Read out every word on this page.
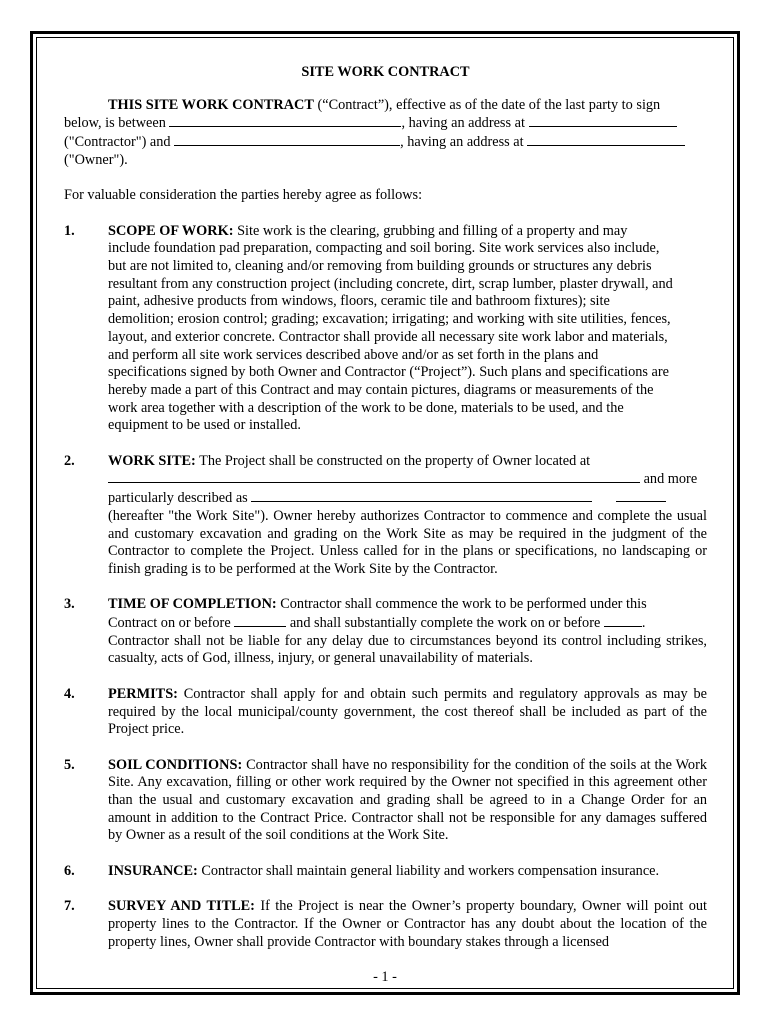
SITE WORK CONTRACT
THIS SITE WORK CONTRACT (“Contract”), effective as of the date of the last party to sign
below, is between	, having an address at
("Contractor") and	, having an address at
("Owner").
For valuable consideration the parties hereby agree as follows:
1. SCOPE OF WORK: Site work is the clearing, grubbing and filling of a property and may
include foundation pad preparation, compacting and soil boring. Site work services also include,
but are not limited to, cleaning and/or removing from building grounds or structures any debris
resultant from any construction project (including concrete, dirt, scrap lumber, plaster drywall, and
paint, adhesive products from windows, floors, ceramic tile and bathroom fixtures); site
demolition; erosion control; grading; excavation; irrigating; and working with site utilities, fences,
layout, and exterior concrete. Contractor shall provide all necessary site work labor and materials,
and perform all site work services described above and/or as set forth in the plans and
specifications signed by both Owner and Contractor (“Project”). Such plans and specifications are
hereby made a part of this Contract and may contain pictures, diagrams or measurements of the
work area together with a description of the work to be done, materials to be used, and the
equipment to be used or installed.
2. WORK SITE: The Project shall be constructed on the property of Owner located at
and more
particularly described as
(hereafter "the Work Site"). Owner hereby authorizes Contractor to commence and complete the usual and customary excavation and grading on the Work Site as may be required in the judgment of the Contractor to complete the Project. Unless called for in the plans or specifications, no landscaping or finish grading is to be performed at the Work Site by the Contractor.
3. TIME OF COMPLETION: Contractor shall commence the work to be performed under this
Contract on or before	and shall substantially complete the work on or before	.
Contractor shall not be liable for any delay due to circumstances beyond its control including strikes, casualty, acts of God, illness, injury, or general unavailability of materials.
4. PERMITS: Contractor shall apply for and obtain such permits and regulatory approvals as may be required by the local municipal/county government, the cost thereof shall be included as part of the Project price.
5. SOIL CONDITIONS: Contractor shall have no responsibility for the condition of the soils at the Work Site. Any excavation, filling or other work required by the Owner not specified in this agreement other than the usual and customary excavation and grading shall be agreed to in a Change Order for an amount in addition to the Contract Price. Contractor shall not be responsible for any damages suffered by Owner as a result of the soil conditions at the Work Site.
6. INSURANCE: Contractor shall maintain general liability and workers compensation insurance.
7. SURVEY AND TITLE: If the Project is near the Owner’s property boundary, Owner will point out property lines to the Contractor. If the Owner or Contractor has any doubt about the location of the property lines, Owner shall provide Contractor with boundary stakes through a licensed
- 1 -
